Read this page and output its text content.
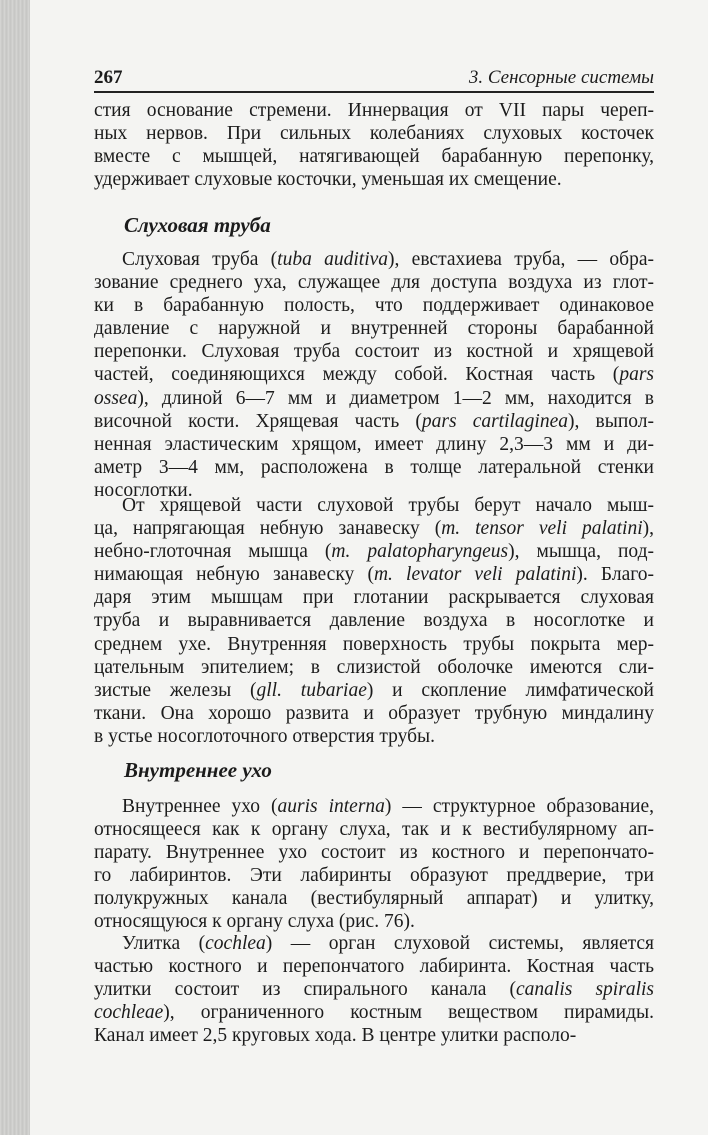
267	3. Сенсорные системы
стия основание стремени. Иннервация от VII пары череп-
ных нервов. При сильных колебаниях слуховых косточек
вместе с мышцей, натягивающей барабанную перепонку,
удерживает слуховые косточки, уменьшая их смещение.
Слуховая труба
Слуховая труба (tuba auditiva), евстахиева труба, — обра-
зование среднего уха, служащее для доступа воздуха из глот-
ки в барабанную полость, что поддерживает одинаковое
давление с наружной и внутренней стороны барабанной
перепонки. Слуховая труба состоит из костной и хрящевой
частей, соединяющихся между собой. Костная часть (pars
ossea), длиной 6—7 мм и диаметром 1—2 мм, находится в
височной кости. Хрящевая часть (pars cartilaginea), выпол-
ненная эластическим хрящом, имеет длину 2,3—3 мм и ди-
аметр 3—4 мм, расположена в толще латеральной стенки
носоглотки.
От хрящевой части слуховой трубы берут начало мыш-
ца, напрягающая небную занавеску (m. tensor veli palatini),
небно-глоточная мышца (m. palatopharyngeus), мышца, под-
нимающая небную занавеску (m. levator veli palatini). Благо-
даря этим мышцам при глотании раскрывается слуховая
труба и выравнивается давление воздуха в носоглотке и
среднем ухе. Внутренняя поверхность трубы покрыта мер-
цательным эпителием; в слизистой оболочке имеются сли-
зистые железы (gll. tubariae) и скопление лимфатической
ткани. Она хорошо развита и образует трубную миндалину
в устье носоглоточного отверстия трубы.
Внутреннее ухо
Внутреннее ухо (auris interna) — структурное образование,
относящееся как к органу слуха, так и к вестибулярному ап-
парату. Внутреннее ухо состоит из костного и перепончато-
го лабиринтов. Эти лабиринты образуют преддверие, три
полукружных канала (вестибулярный аппарат) и улитку,
относящуюся к органу слуха (рис. 76).
Улитка (cochlea) — орган слуховой системы, является
частью костного и перепончатого лабиринта. Костная часть
улитки состоит из спирального канала (canalis spiralis
cochleae), ограниченного костным веществом пирамиды.
Канал имеет 2,5 круговых хода. В центре улитки располо-
